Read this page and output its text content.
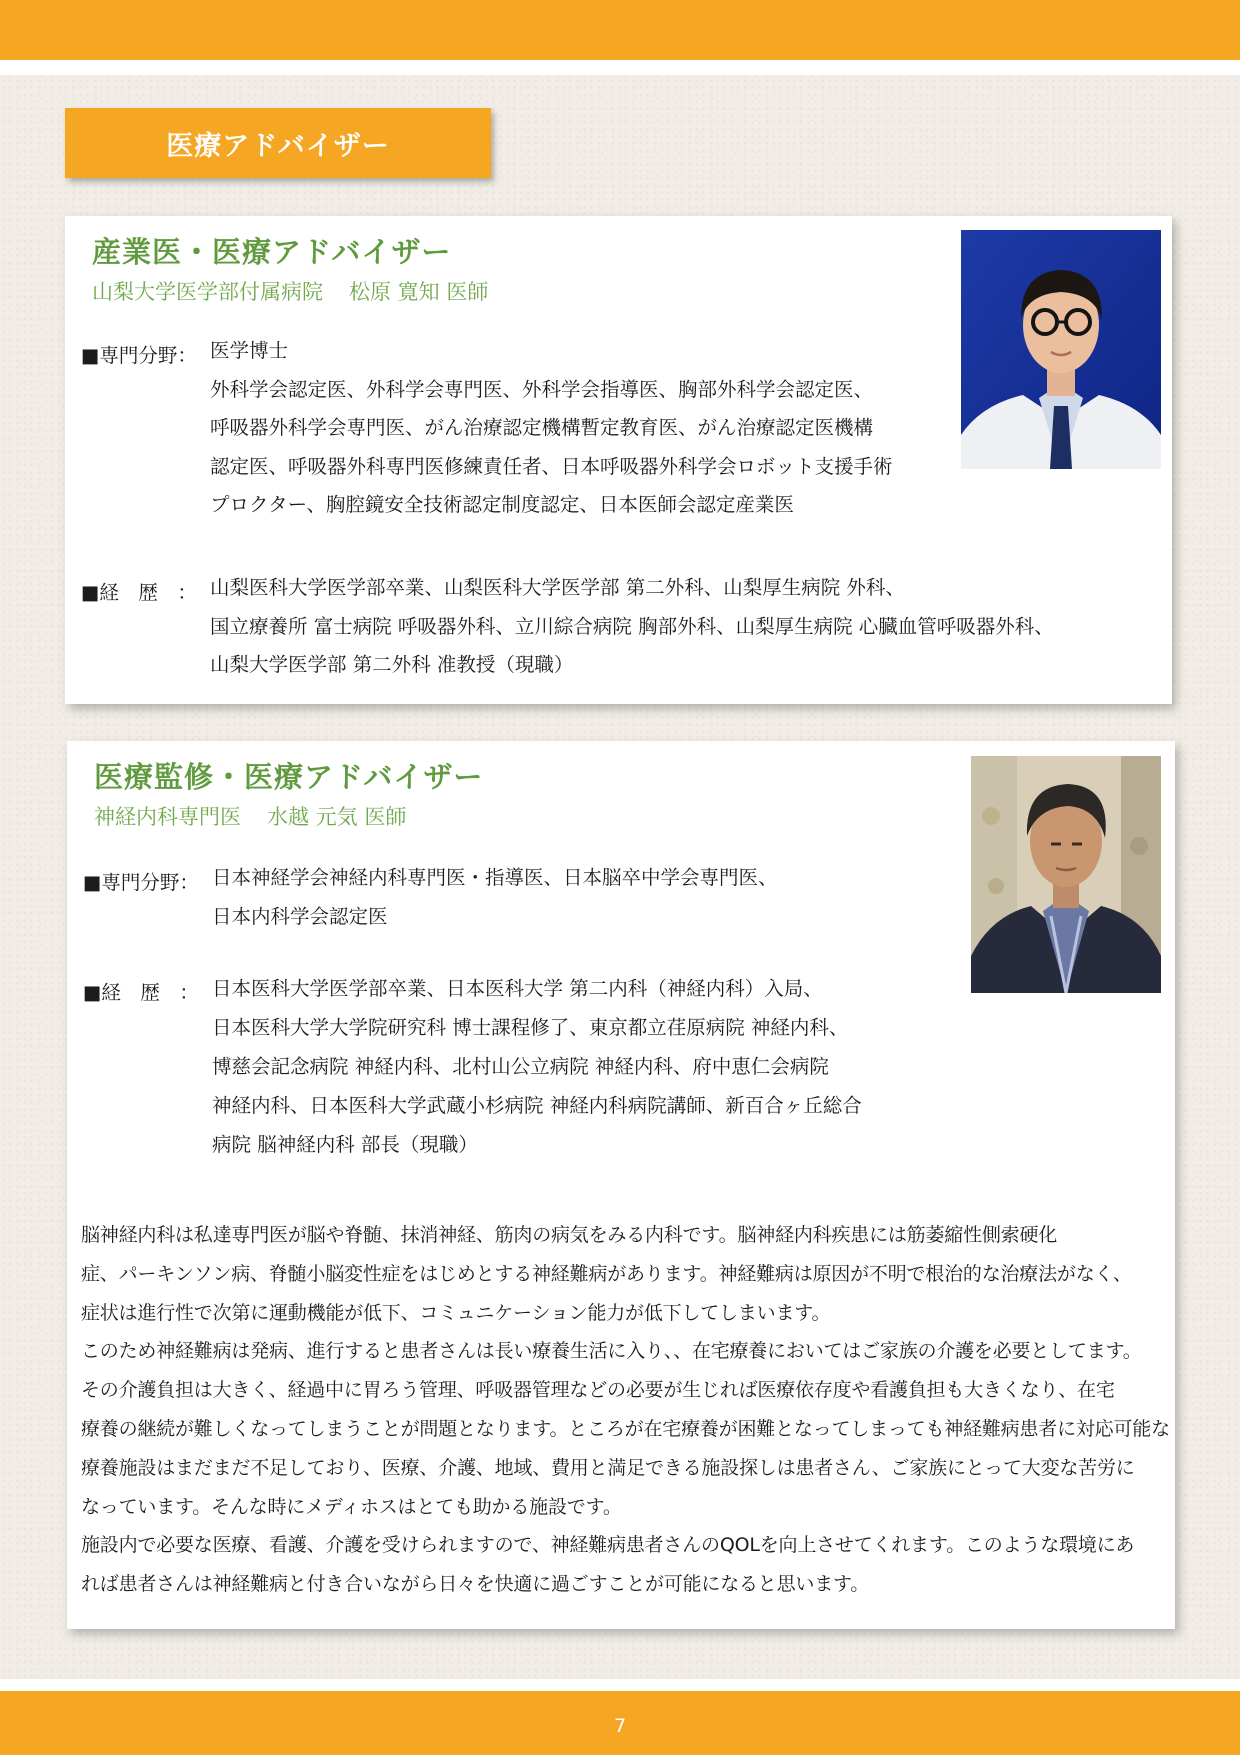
医療アドバイザー
産業医・医療アドバイザー
山梨大学医学部付属病院 松原 寛知 医師
■専門分野： 医学博士
外科学会認定医、外科学会専門医、外科学会指導医、胸部外科学会認定医、
呼吸器外科学会専門医、がん治療認定機構暫定教育医、がん治療認定医機構
認定医、呼吸器外科専門医修練責任者、日本呼吸器外科学会ロボット支援手術
プロクター、胸腔鏡安全技術認定制度認定、日本医師会認定産業医
■経　歴　： 山梨医科大学医学部卒業、山梨医科大学医学部 第二外科、山梨厚生病院 外科、
国立療養所 富士病院 呼吸器外科、立川綜合病院 胸部外科、山梨厚生病院 心臓血管呼吸器外科、
山梨大学医学部 第二外科 准教授（現職）
医療監修・医療アドバイザー
神経内科専門医 水越 元気 医師
■専門分野： 日本神経学会神経内科専門医・指導医、日本脳卒中学会専門医、
日本内科学会認定医
■経　歴　： 日本医科大学医学部卒業、日本医科大学 第二内科（神経内科）入局、
日本医科大学大学院研究科 博士課程修了、東京都立荏原病院 神経内科、
博慈会記念病院 神経内科、北村山公立病院 神経内科、府中恵仁会病院
神経内科、日本医科大学武蔵小杉病院 神経内科病院講師、新百合ヶ丘総合
病院 脳神経内科 部長（現職）
脳神経内科は私達専門医が脳や脊髄、抹消神経、筋肉の病気をみる内科です。脳神経内科疾患には筋萎縮性側索硬化
症、パーキンソン病、脊髄小脳変性症をはじめとする神経難病があります。神経難病は原因が不明で根治的な治療法がなく、
症状は進行性で次第に運動機能が低下、コミュニケーション能力が低下してしまいます。
このため神経難病は発病、進行すると患者さんは長い療養生活に入り、、在宅療養においてはご家族の介護を必要としてます。
その介護負担は大きく、経過中に胃ろう管理、呼吸器管理などの必要が生じれば医療依存度や看護負担も大きくなり、在宅
療養の継続が難しくなってしまうことが問題となります。ところが在宅療養が困難となってしまっても神経難病患者に対応可能な
療養施設はまだまだ不足しており、医療、介護、地域、費用と満足できる施設探しは患者さん、ご家族にとって大変な苦労に
なっています。そんな時にメディホスはとても助かる施設です。
施設内で必要な医療、看護、介護を受けられますので、神経難病患者さんのQOLを向上させてくれます。このような環境にあ
れば患者さんは神経難病と付き合いながら日々を快適に過ごすことが可能になると思います。
7
